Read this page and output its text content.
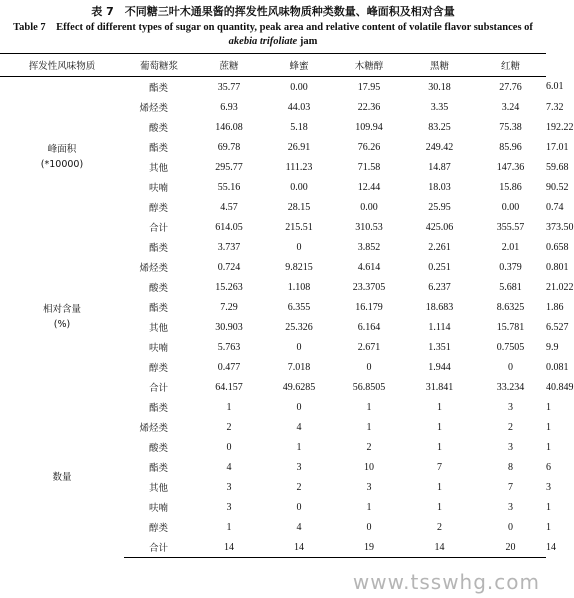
表 7　不同糖三叶木通果酱的挥发性风味物质种类数量、峰面积及相对含量
Table 7　Effect of different types of sugar on quantity, peak area and relative content of volatile flavor substances of akebia trifoliate jam
挥发性风味物质	葡萄糖浆	蔗糖	蜂蜜	木糖醇	黑糖	红糖	

峰面积
(*10000)	酯类	35.77	0.00	17.95	30.18	27.76	6.01
	烯烃类	6.93	44.03	22.36	3.35	3.24	7.32
	酸类	146.08	5.18	109.94	83.25	75.38	192.22
	酯类	69.78	26.91	76.26	249.42	85.96	17.01
	其他	295.77	111.23	71.58	14.87	147.36	59.68
	呋喃	55.16	0.00	12.44	18.03	15.86	90.52
	醇类	4.57	28.15	0.00	25.95	0.00	0.74
	合计	614.05	215.51	310.53	425.06	355.57	373.50

相对含量
(%)	酯类	3.737	0	3.852	2.261	2.01	0.658
	烯烃类	0.724	9.8215	4.614	0.251	0.379	0.801
	酸类	15.263	1.108	23.3705	6.237	5.681	21.022
	酯类	7.29	6.355	16.179	18.683	8.6325	1.86
	其他	30.903	25.326	6.164	1.114	15.781	6.527
	呋喃	5.763	0	2.671	1.351	0.7505	9.9
	醇类	0.477	7.018	0	1.944	0	0.081
	合计	64.157	49.6285	56.8505	31.841	33.234	40.849

数量	酯类	1	0	1	1	3	1
	烯烃类	2	4	1	1	2	1
	酸类	0	1	2	1	3	1
	酯类	4	3	10	7	8	6
	其他	3	2	3	1	7	3
	呋喃	3	0	1	1	3	1
	醇类	1	4	0	2	0	1
	合计	14	14	19	14	20	14
www.tsswhg.com
